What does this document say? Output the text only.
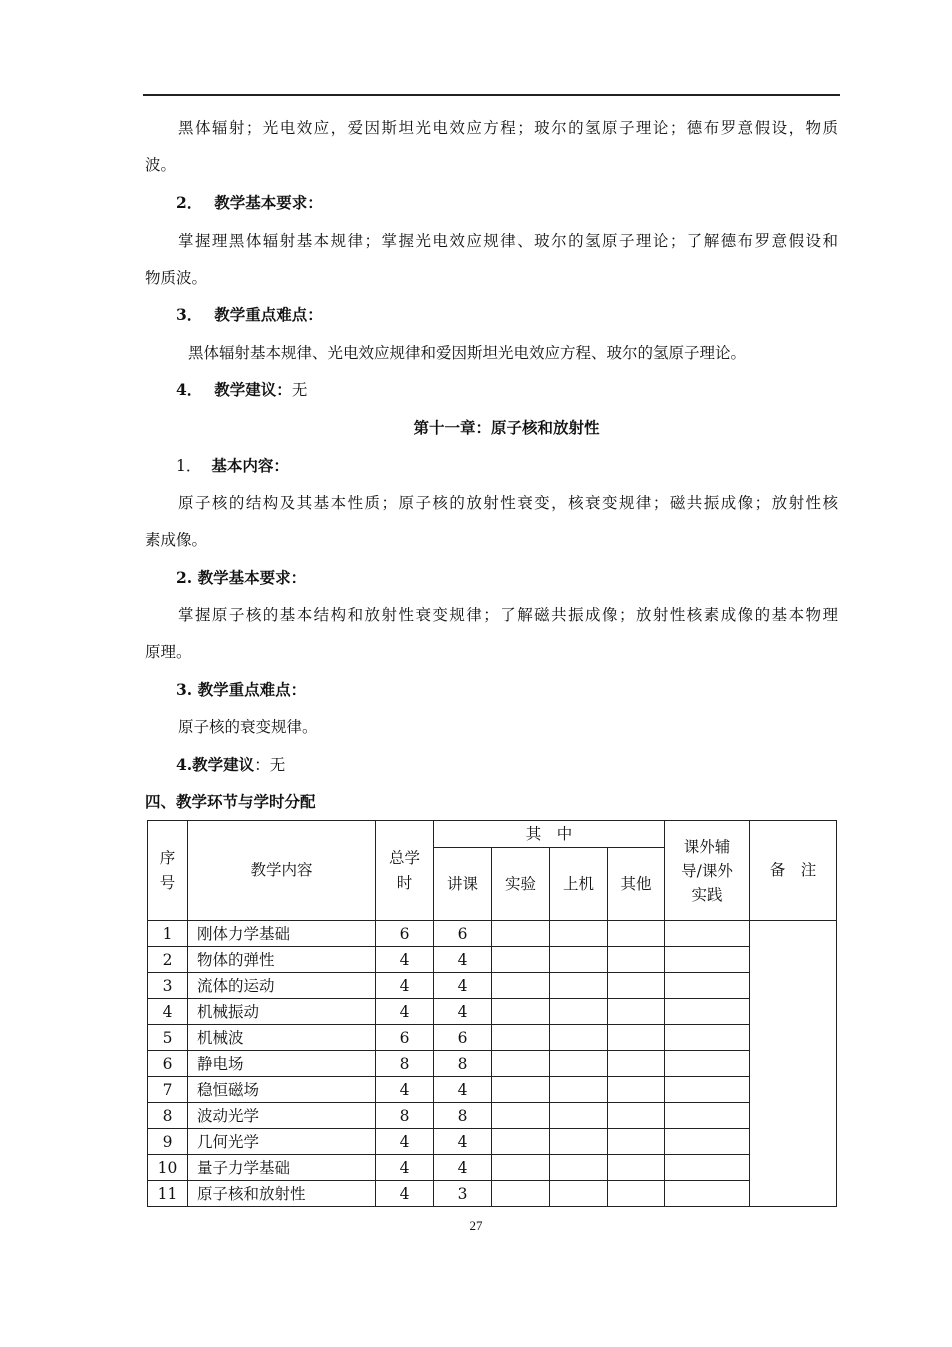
黑体辐射；光电效应，爱因斯坦光电效应方程；玻尔的氢原子理论；德布罗意假设，物质
波。
2． 教学基本要求：
掌握理黑体辐射基本规律；掌握光电效应规律、玻尔的氢原子理论；了解德布罗意假设和
物质波。
3． 教学重点难点：
黑体辐射基本规律、光电效应规律和爱因斯坦光电效应方程、玻尔的氢原子理论。
4． 教学建议：无
第十一章：原子核和放射性
1． 基本内容：
原子核的结构及其基本性质；原子核的放射性衰变，核衰变规律；磁共振成像；放射性核
素成像。
2. 教学基本要求：
掌握原子核的基本结构和放射性衰变规律；了解磁共振成像；放射性核素成像的基本物理
原理。
3. 教学重点难点：
原子核的衰变规律。
4.教学建议：无
四、教学环节与学时分配
序号	教学内容	总学时	其　中				课外辅导/课外实践	备　注
			讲课	实验	上机	其他		
1	刚体力学基础	6	6					
2	物体的弹性	4	4					
3	流体的运动	4	4					
4	机械振动	4	4					
5	机械波	6	6					
6	静电场	8	8					
7	稳恒磁场	4	4					
8	波动光学	8	8					
9	几何光学	4	4					
10	量子力学基础	4	4					
11	原子核和放射性	4	3					
27
